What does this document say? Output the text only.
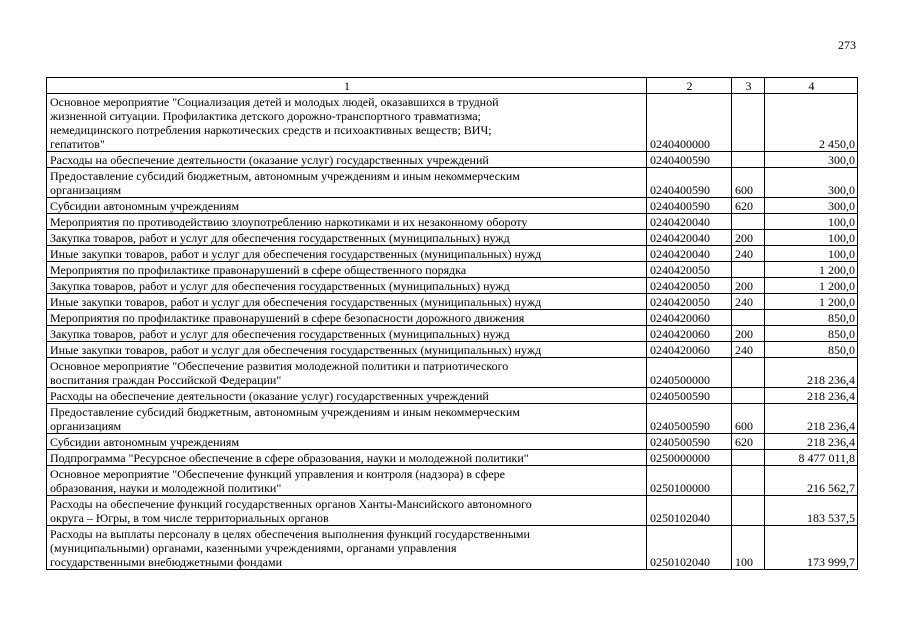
273
1	2	3	4
Основное мероприятие "Социализация детей и молодых людей, оказавшихся в трудной
жизненной ситуации. Профилактика детского дорожно-транспортного травматизма;
немедицинского потребления наркотических средств и психоактивных веществ; ВИЧ;
гепатитов"	0240400000		2 450,0
Расходы на обеспечение деятельности (оказание услуг) государственных учреждений	0240400590		300,0
Предоставление субсидий бюджетным, автономным учреждениям и иным некоммерческим
организациям	0240400590	600	300,0
Субсидии автономным учреждениям	0240400590	620	300,0
Мероприятия по противодействию злоупотреблению наркотиками и их незаконному обороту	0240420040		100,0
Закупка товаров, работ и услуг для обеспечения государственных (муниципальных) нужд	0240420040	200	100,0
Иные закупки товаров, работ и услуг для обеспечения государственных (муниципальных) нужд	0240420040	240	100,0
Мероприятия по профилактике правонарушений в сфере общественного порядка	0240420050		1 200,0
Закупка товаров, работ и услуг для обеспечения государственных (муниципальных) нужд	0240420050	200	1 200,0
Иные закупки товаров, работ и услуг для обеспечения государственных (муниципальных) нужд	0240420050	240	1 200,0
Мероприятия по профилактике правонарушений в сфере безопасности дорожного движения	0240420060		850,0
Закупка товаров, работ и услуг для обеспечения государственных (муниципальных) нужд	0240420060	200	850,0
Иные закупки товаров, работ и услуг для обеспечения государственных (муниципальных) нужд	0240420060	240	850,0
Основное мероприятие "Обеспечение развития молодежной политики и патриотического
воспитания граждан Российской Федерации"	0240500000		218 236,4
Расходы на обеспечение деятельности (оказание услуг) государственных учреждений	0240500590		218 236,4
Предоставление субсидий бюджетным, автономным учреждениям и иным некоммерческим
организациям	0240500590	600	218 236,4
Субсидии автономным учреждениям	0240500590	620	218 236,4
Подпрограмма "Ресурсное обеспечение в сфере образования, науки и молодежной политики"	0250000000		8 477 011,8
Основное мероприятие "Обеспечение функций управления и контроля (надзора) в сфере
образования, науки и молодежной политики"	0250100000		216 562,7
Расходы на обеспечение функций государственных органов Ханты-Мансийского автономного
округа – Югры, в том числе территориальных органов	0250102040		183 537,5
Расходы на выплаты персоналу в целях обеспечения выполнения функций государственными
(муниципальными) органами, казенными учреждениями, органами управления
государственными внебюджетными фондами	0250102040	100	173 999,7
